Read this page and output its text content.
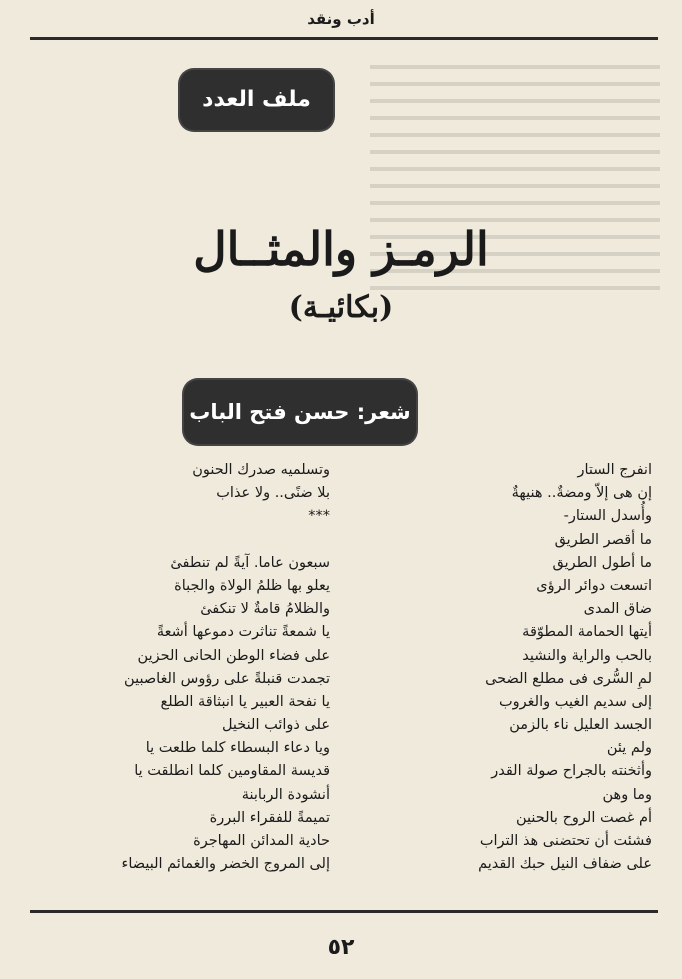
أدب ونقد
ملف العدد
الرمـز والمثــال
(بكائيـة)
شعر: حسن فتح الباب
انفرج الستار
إن هى إلاّ ومضةٌ.. هنيهةٌ
وأُسدل الستار-
ما أقصر الطريق
ما أطول الطريق
اتسعت دوائر الرؤى
ضاق المدى
أيتها الحمامة المطوّقة
بالحب والراية والنشيد
لمِ السُّرى فى مطلع الضحى
إلى سديم الغيب والغروب
الجسد العليل ناء بالزمن
ولم يئن
وأثخنته بالجراح صولة القدر
وما وهن
أم غصت الروح بالحنين
فشئت أن تحتضنى هذ التراب
على ضفاف النيل حبك القديم
وتسلميه صدرك الحنون
بلا ضنًى.. ولا عذاب
***
سبعون عاما. آيةً لم تنطفئ
يعلو بها ظلمُ الولاة والجباة
والظلامُ قامةٌ لا تنكفئ
يا شمعةً تناثرت دموعها أشعةً
على فضاء الوطن الحانى الحزين
تجمدت قنبلةً على رؤوس الغاصبين
يا نفحة العبير يا انبثاقة الطلع
على ذوائب النخيل
ويا دعاء البسطاء كلما طلعت يا
قديسة المقاومين كلما انطلقت يا
أنشودة الربابنة
تميمةً للفقراء البررة
حادية المدائن المهاجرة
إلى المروج الخضر والغمائم البيضاء
٥٢
